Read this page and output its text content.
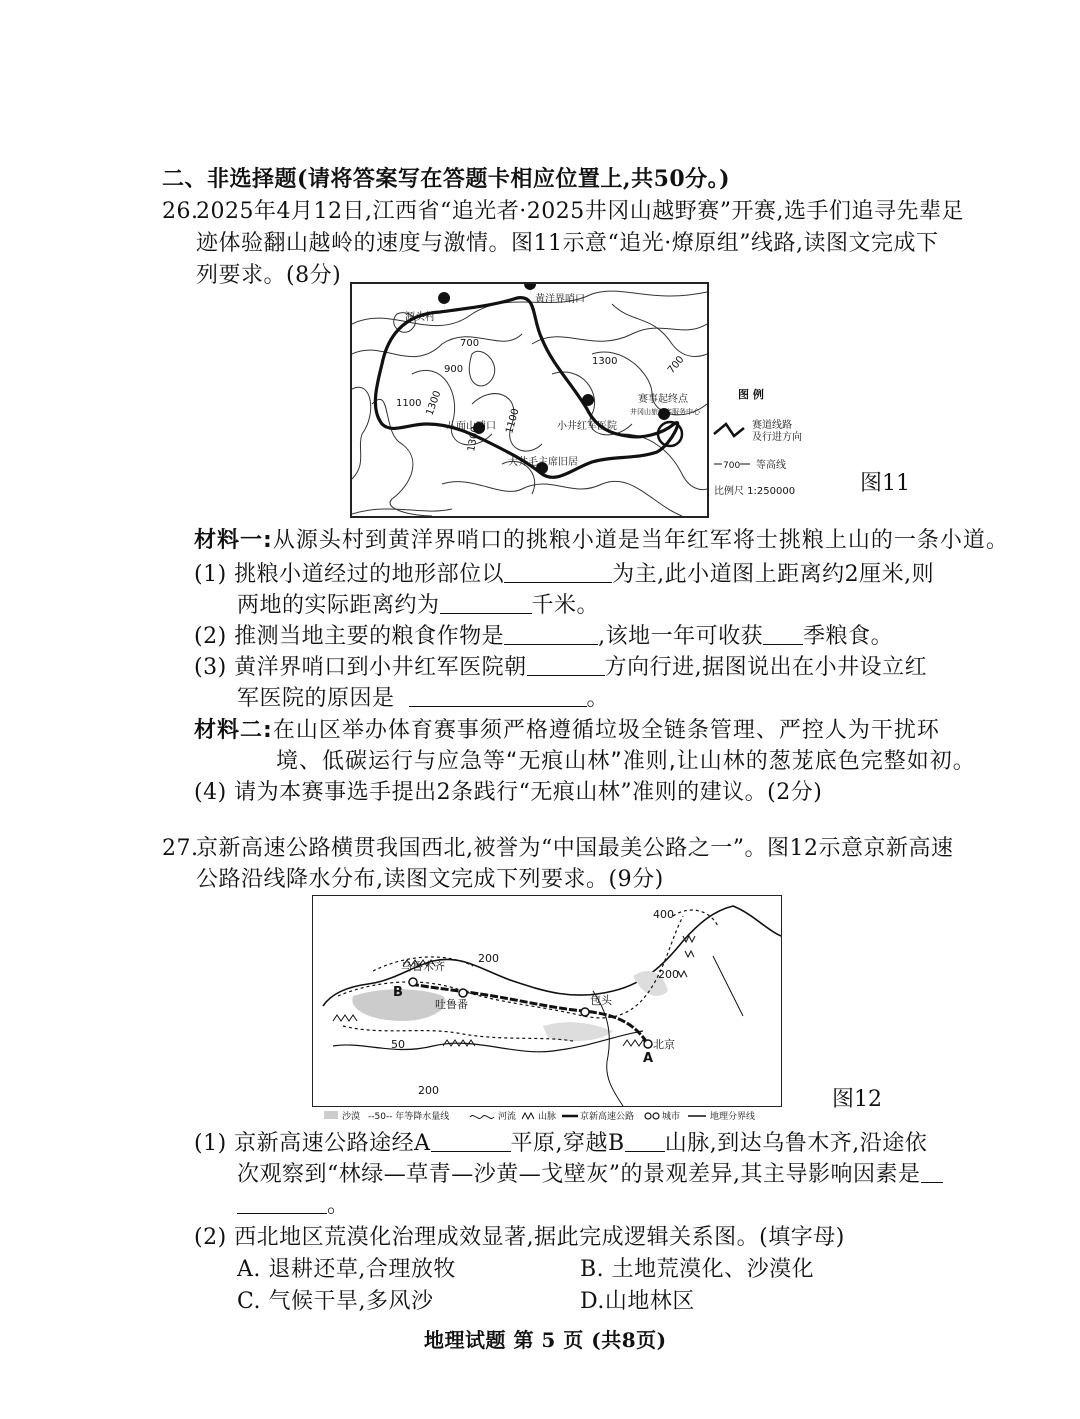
二、非选择题(请将答案写在答题卡相应位置上,共50分。)
26.
2025年4月12日,江西省“追光者·2025井冈山越野赛”开赛,选手们追寻先辈足
迹体验翻山越岭的速度与激情。图11示意“追光·燎原组”线路,读图文完成下
列要求。(8分)
源头村
黄洋界哨口
八面山哨口	小井红军医院
大井毛主席旧居
赛事起终点
井冈山旅游客服务中心
700
900
1100 1300
1300
1100
1300	700
图 例
赛道线路
及行进方向
700 等高线
比例尺 1:250000	图11
材料一:从源头村到黄洋界哨口的挑粮小道是当年红军将士挑粮上山的一条小道。
(1) 挑粮小道经过的地形部位以	为主,此小道图上距离约2厘米,则
两地的实际距离约为	千米。
(2) 推测当地主要的粮食作物是	,该地一年可收获 季粮食。
(3) 黄洋界哨口到小井红军医院朝	方向行进,据图说出在小井设立红
军医院的原因是	。
材料二:在山区举办体育赛事须严格遵循垃圾全链条管理、严控人为干扰环
境、低碳运行与应急等“无痕山林”准则,让山林的葱茏底色完整如初。
(4) 请为本赛事选手提出2条践行“无痕山林”准则的建议。(2分)
27.
京新高速公路横贯我国西北,被誉为“中国最美公路之一”。图12示意京新高速
公路沿线降水分布,读图文完成下列要求。(9分)
乌鲁木齐
吐鲁番	包头
北京
A
B
400
200
200
200
50
图12
沙漠 --50-- 年等降水量线	河流 山脉	京新高速公路	城市	地理分界线
(1) 京新高速公路途经A	平原,穿越B 山脉,到达乌鲁木齐,沿途依
次观察到“林绿—草青—沙黄—戈壁灰”的景观差异,其主导影响因素是
。
(2) 西北地区荒漠化治理成效显著,据此完成逻辑关系图。(填字母)
A. 退耕还草,合理放牧	B. 土地荒漠化、沙漠化
C. 气候干旱,多风沙	D.山地林区
地理试题 第 5 页 (共8页)
